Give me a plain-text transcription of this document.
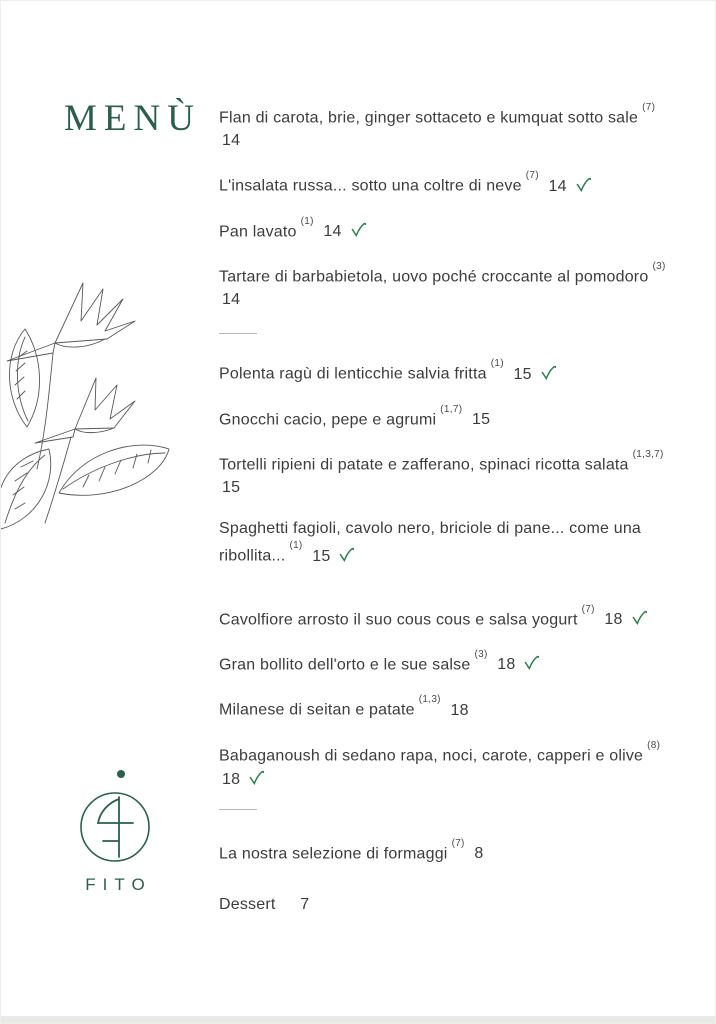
MENÙ Flan di carota, brie, ginger sottaceto e kumquat sotto sale$^{(7)}$ 14

L'insalata russa... sotto una coltre di neve$^{(7)}$ 14

Pan lavato$^{(1)}$ 14

Tartare di barbabietola, uovo poché croccante al pomodoro$^{(3)}$ 14

Polenta ragù di lenticchie salvia fritta$^{(1)}$ 15

Gnocchi cacio, pepe e agrumi$^{(1,7)}$ 15

Tortelli ripieni di patate e zafferano, spinaci ricotta salata$^{(1,3,7)}$ 15

Spaghetti fagioli, cavolo nero, briciole di pane... come una ribollita...$^{(1)}$ 15

Cavolfiore arrosto il suo cous cous e salsa yogurt$^{(7)}$ 18

Gran bollito dell'orto e le sue salse$^{(3)}$ 18

Milanese di seitan e patate$^{(1,3)}$ 18

Babaganoush di sedano rapa, noci, carote, capperi e olive$^{(8)}$ 18

La nostra selezione di formaggi$^{(7)}$ 8

Dessert 7

FITO
